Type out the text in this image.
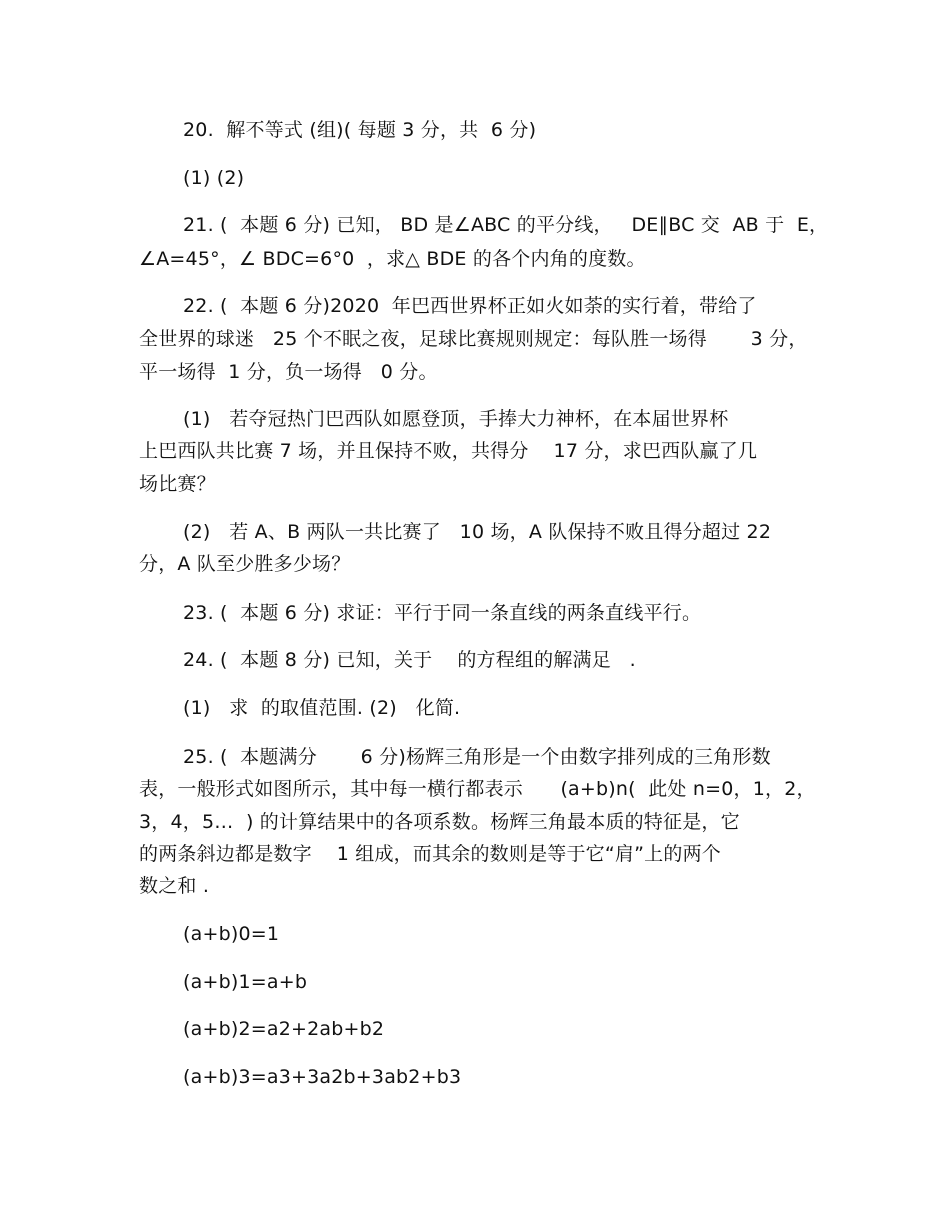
20.  解不等式 (组)( 每题 3 分，共  6 分)
(1) (2)
21. (  本题 6 分) 已知， BD 是∠ABC 的平分线，   DE∥BC 交  AB 于  E，
∠A=45°，∠ BDC=6°0  ，求△ BDE 的各个内角的度数。
22. (  本题 6 分)2020  年巴西世界杯正如火如荼的实行着，带给了
全世界的球迷   25 个不眠之夜，足球比赛规则规定：每队胜一场得       3 分，
平一场得  1 分，负一场得   0 分。
(1)   若夺冠热门巴西队如愿登顶，手捧大力神杯，在本届世界杯
上巴西队共比赛 7 场，并且保持不败，共得分    17 分，求巴西队赢了几
场比赛？
(2)   若 A、B 两队一共比赛了   10 场，A 队保持不败且得分超过 22
分，A 队至少胜多少场？
23. (  本题 6 分) 求证：平行于同一条直线的两条直线平行。
24. (  本题 8 分) 已知，关于    的方程组的解满足   .
(1)   求  的取值范围. (2)   化简.
25. (  本题满分       6 分)杨辉三角形是一个由数字排列成的三角形数
表，一般形式如图所示，其中每一横行都表示      (a+b)n(  此处 n=0，1，2，
3，4，5…  ) 的计算结果中的各项系数。杨辉三角最本质的特征是，它
的两条斜边都是数字    1 组成，而其余的数则是等于它“肩”上的两个
数之和 .
(a+b)0=1
(a+b)1=a+b
(a+b)2=a2+2ab+b2
(a+b)3=a3+3a2b+3ab2+b3
